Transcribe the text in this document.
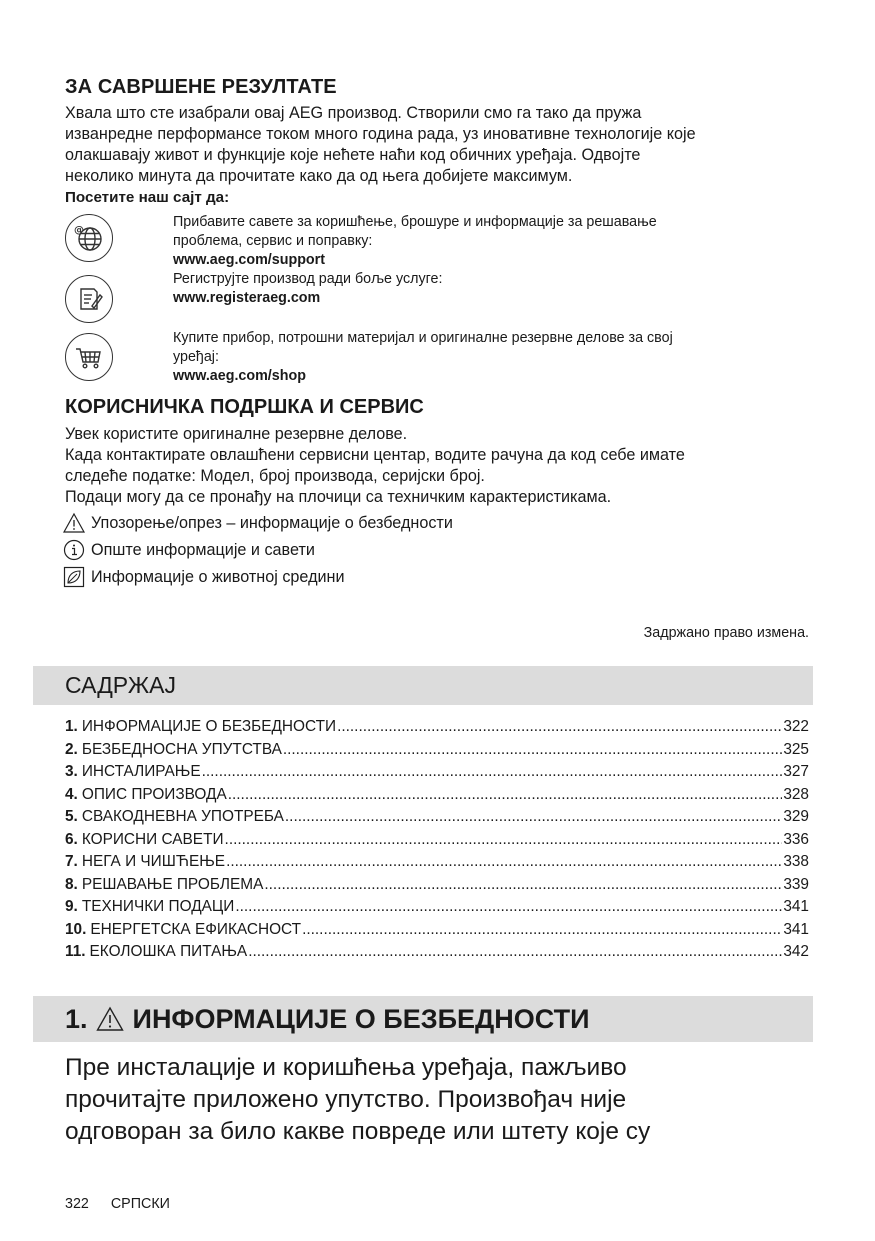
ЗА САВРШЕНЕ РЕЗУЛТАТЕ

Хвала што сте изабрали овај AEG производ. Створили смо га тако да пружа
изванредне перформансе током много година рада, уз иновативне технологије које
олакшавају живот и функције које нећете наћи код обичних уређаја. Одвојте
неколико минута да прочитате како да од њега добијете максимум.
Посетите наш сајт да:

@

Прибавите савете за коришћење, брошуре и информације за решавање
проблема, сервис и поправку:
www.aeg.com/support
Региструјте производ ради боље услуге:
www.registeraeg.com

Купите прибор, потрошни материјал и оригиналне резервне делове за свој
уређај:
www.aeg.com/shop

КОРИСНИЧКА ПОДРШКА И СЕРВИС

Увек користите оригиналне резервне делове.
Када контактирате овлашћени сервисни центар, водите рачуна да код себе имате
следеће податке: Модел, број производа, серијски број.
Подаци могу да се пронађу на плочици са техничким карактеристикама.

Упозорење/опрез – информације о безбедности
Опште информације и савети
Информације о животној средини
Задржано право измена.
САДРЖАЈ
1. ИНФОРМАЦИЈЕ О БЕЗБЕДНОСТИ .....	322
2. БЕЗБЕДНОСНА УПУТСТВА .....	325
3. ИНСТАЛИРАЊЕ .....	327
4. ОПИС ПРОИЗВОДА .....	328
5. СВАКОДНЕВНА УПОТРЕБА .....	329
6. КОРИСНИ САВЕТИ .....	336
7. НЕГА И ЧИШЋЕЊЕ .....	338
8. РЕШАВАЊЕ ПРОБЛЕМА .....	339
9. ТЕХНИЧКИ ПОДАЦИ .....	341
10. ЕНЕРГЕТСКА ЕФИКАСНОСТ .....	341
11. ЕКОЛОШКА ПИТАЊА .....	342
1. ИНФОРМАЦИЈЕ О БЕЗБЕДНОСТИ

Пре инсталације и коришћења уређаја, пажљиво
прочитајте приложено упутство. Произвођач није
одговоран за било какве повреде или штету које су

322 СРПСКИ
